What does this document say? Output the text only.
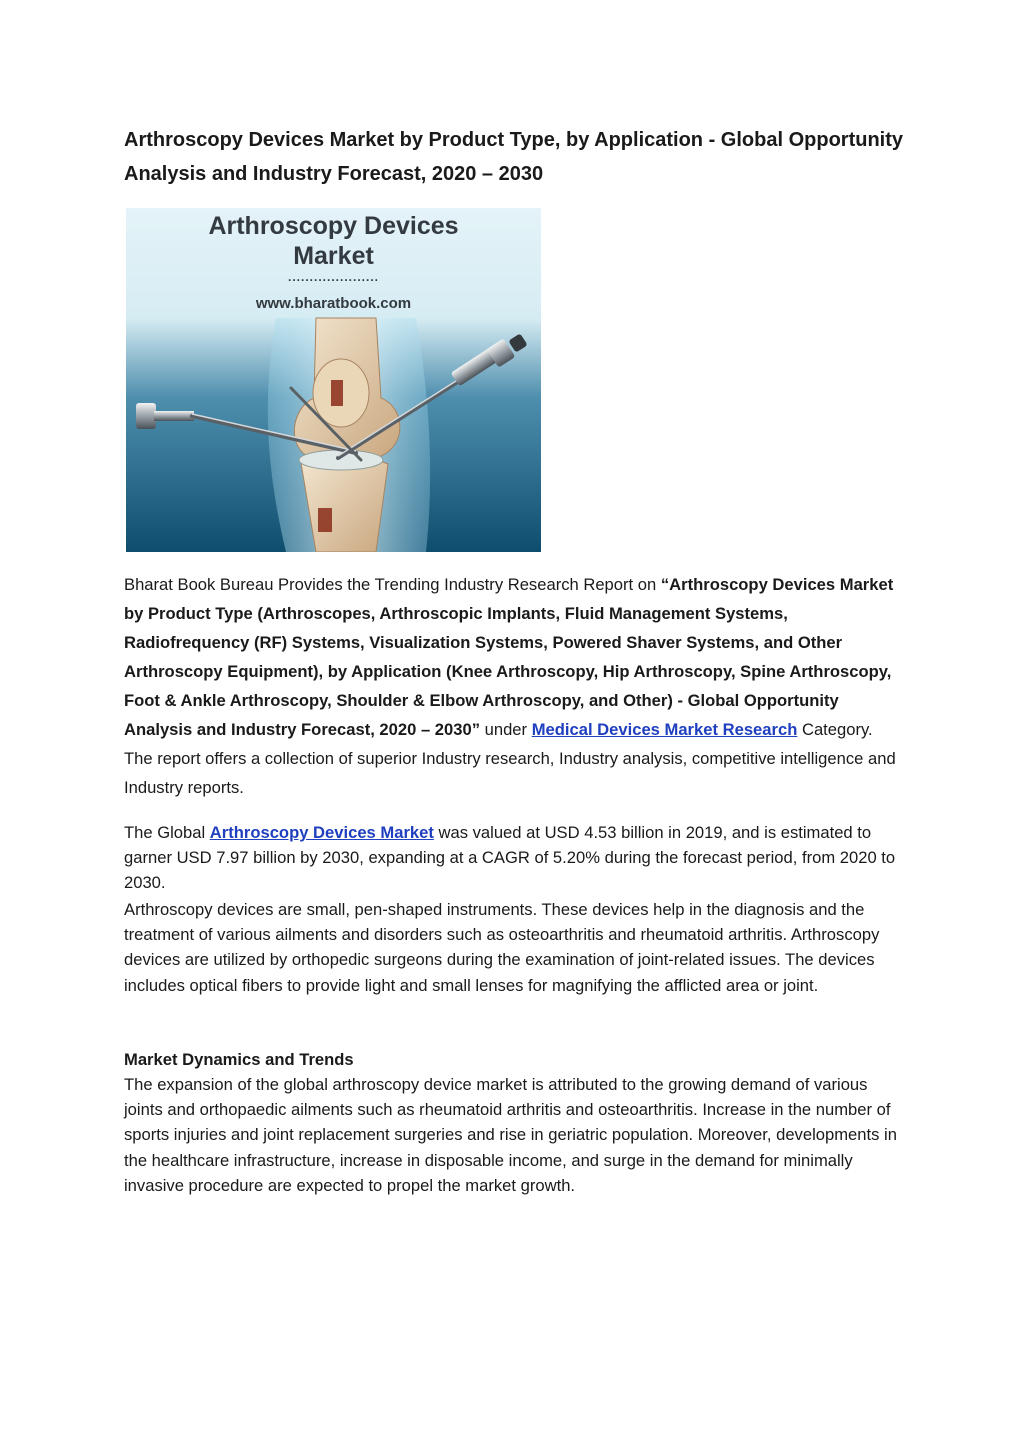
Arthroscopy Devices Market by Product Type, by Application - Global Opportunity Analysis and Industry Forecast, 2020 – 2030
Arthroscopy Devices
Market
.....................
www.bharatbook.com

Bharat Book Bureau Provides the Trending Industry Research Report on “Arthroscopy Devices Market by Product Type (Arthroscopes, Arthroscopic Implants, Fluid Management Systems, Radiofrequency (RF) Systems, Visualization Systems, Powered Shaver Systems, and Other Arthroscopy Equipment), by Application (Knee Arthroscopy, Hip Arthroscopy, Spine Arthroscopy, Foot & Ankle Arthroscopy, Shoulder & Elbow Arthroscopy, and Other) - Global Opportunity Analysis and Industry Forecast, 2020 – 2030” under Medical Devices Market Research Category. The report offers a collection of superior Industry research, Industry analysis, competitive intelligence and Industry reports.

The Global Arthroscopy Devices Market was valued at USD 4.53 billion in 2019, and is estimated to garner USD 7.97 billion by 2030, expanding at a CAGR of 5.20% during the forecast period, from 2020 to 2030.

Arthroscopy devices are small, pen-shaped instruments. These devices help in the diagnosis and the treatment of various ailments and disorders such as osteoarthritis and rheumatoid arthritis. Arthroscopy devices are utilized by orthopedic surgeons during the examination of joint-related issues. The devices includes optical fibers to provide light and small lenses for magnifying the afflicted area or joint.

Market Dynamics and Trends

The expansion of the global arthroscopy device market is attributed to the growing demand of various joints and orthopaedic ailments such as rheumatoid arthritis and osteoarthritis. Increase in the number of sports injuries and joint replacement surgeries and rise in geriatric population. Moreover, developments in the healthcare infrastructure, increase in disposable income, and surge in the demand for minimally invasive procedure are expected to propel the market growth.
